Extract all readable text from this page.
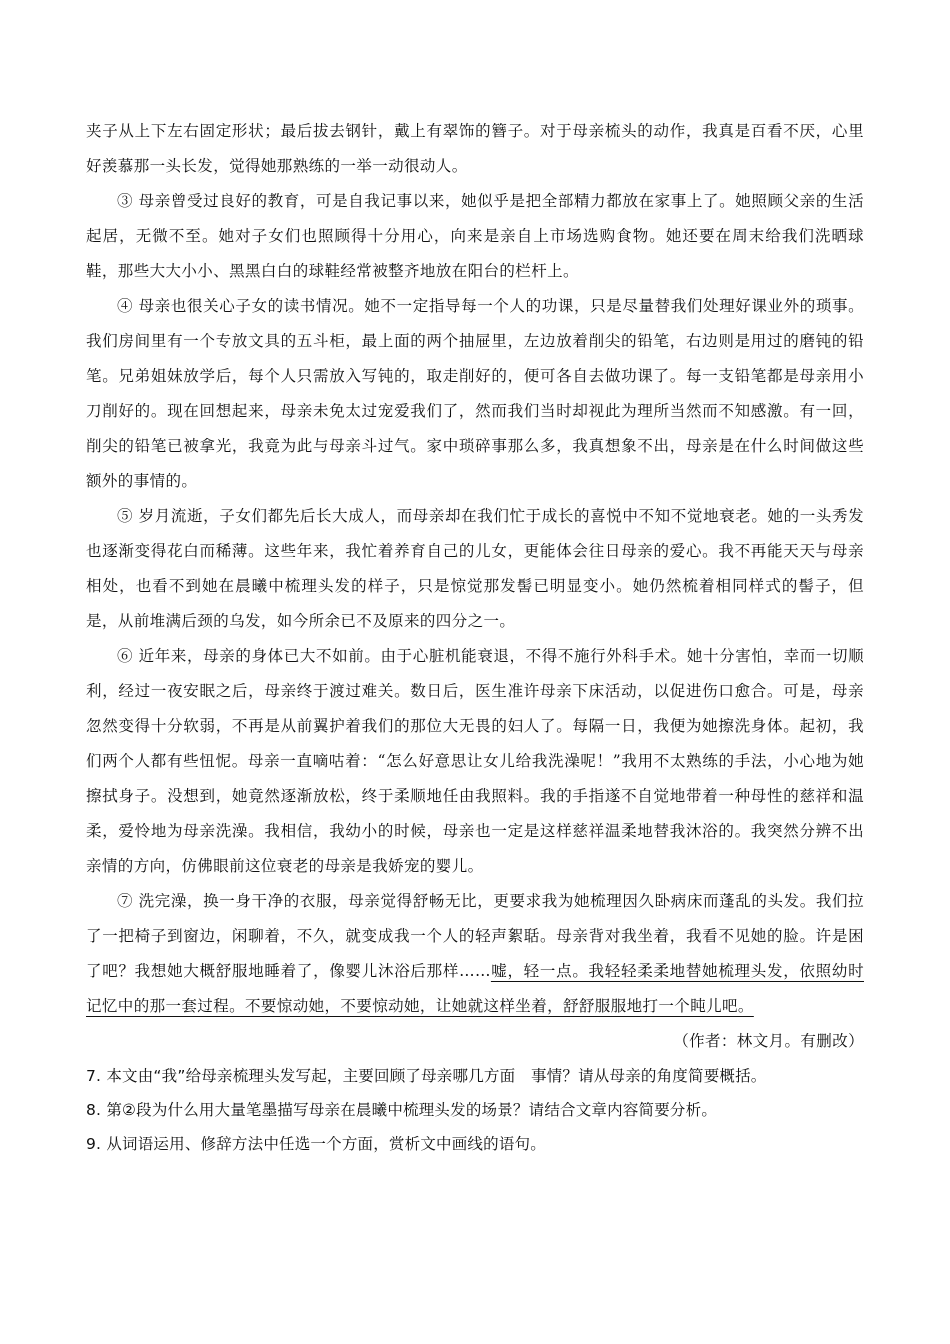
夹子从上下左右固定形状；最后拔去钢针，戴上有翠饰的簪子。对于母亲梳头的动作，我真是百看不厌，心里好羡慕那一头长发，觉得她那熟练的一举一动很动人。

③ 母亲曾受过良好的教育，可是自我记事以来，她似乎是把全部精力都放在家事上了。她照顾父亲的生活起居，无微不至。她对子女们也照顾得十分用心，向来是亲自上市场选购食物。她还要在周末给我们洗晒球鞋，那些大大小小、黑黑白白的球鞋经常被整齐地放在阳台的栏杆上。

④ 母亲也很关心子女的读书情况。她不一定指导每一个人的功课，只是尽量替我们处理好课业外的琐事。我们房间里有一个专放文具的五斗柜，最上面的两个抽屉里，左边放着削尖的铅笔，右边则是用过的磨钝的铅笔。兄弟姐妹放学后，每个人只需放入写钝的，取走削好的，便可各自去做功课了。每一支铅笔都是母亲用小刀削好的。现在回想起来，母亲未免太过宠爱我们了，然而我们当时却视此为理所当然而不知感激。有一回，削尖的铅笔已被拿光，我竟为此与母亲斗过气。家中琐碎事那么多，我真想象不出，母亲是在什么时间做这些额外的事情的。

⑤ 岁月流逝，子女们都先后长大成人，而母亲却在我们忙于成长的喜悦中不知不觉地衰老。她的一头秀发也逐渐变得花白而稀薄。这些年来，我忙着养育自己的儿女，更能体会往日母亲的爱心。我不再能天天与母亲相处，也看不到她在晨曦中梳理头发的样子，只是惊觉那发髻已明显变小。她仍然梳着相同样式的髻子，但是，从前堆满后颈的乌发，如今所余已不及原来的四分之一。

⑥ 近年来，母亲的身体已大不如前。由于心脏机能衰退，不得不施行外科手术。她十分害怕，幸而一切顺利，经过一夜安眠之后，母亲终于渡过难关。数日后，医生准许母亲下床活动，以促进伤口愈合。可是，母亲忽然变得十分软弱，不再是从前翼护着我们的那位大无畏的妇人了。每隔一日，我便为她擦洗身体。起初，我们两个人都有些忸怩。母亲一直嘀咕着：“怎么好意思让女儿给我洗澡呢！”我用不太熟练的手法，小心地为她擦拭身子。没想到，她竟然逐渐放松，终于柔顺地任由我照料。我的手指遂不自觉地带着一种母性的慈祥和温柔，爱怜地为母亲洗澡。我相信，我幼小的时候，母亲也一定是这样慈祥温柔地替我沐浴的。我突然分辨不出亲情的方向，仿佛眼前这位衰老的母亲是我娇宠的婴儿。

⑦ 洗完澡，换一身干净的衣服，母亲觉得舒畅无比，更要求我为她梳理因久卧病床而蓬乱的头发。我们拉了一把椅子到窗边，闲聊着，不久，就变成我一个人的轻声絮聒。母亲背对我坐着，我看不见她的脸。许是困了吧？我想她大概舒服地睡着了，像婴儿沐浴后那样……嘘，轻一点。我轻轻柔柔地替她梳理头发，依照幼时记忆中的那一套过程。不要惊动她，不要惊动她，让她就这样坐着，舒舒服服地打一个盹儿吧。

（作者：林文月。有删改）

7. 本文由“我”给母亲梳理头发写起，主要回顾了母亲哪几方面　事情？请从母亲的角度简要概括。

8. 第②段为什么用大量笔墨描写母亲在晨曦中梳理头发的场景？请结合文章内容简要分析。

9. 从词语运用、修辞方法中任选一个方面，赏析文中画线的语句。
